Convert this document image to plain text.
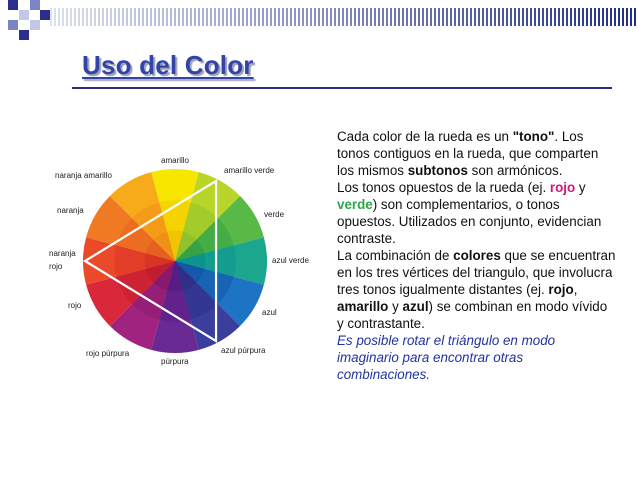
Uso del Color
amarillo
amarillo verde
verde
azul verde
azul
azul púrpura
púrpura
rojo púrpura
rojo
naranja
rojo
naranja
naranja amarillo

Cada color de la rueda es un "tono". Los tonos contiguos en la rueda, que comparten los mismos subtonos son armónicos.

Los tonos opuestos de la rueda (ej. rojo y verde) son complementarios, o tonos opuestos. Utilizados en conjunto, evidencian contraste.

La combinación de colores que se encuentran en los tres vértices del triangulo, que involucra tres tonos igualmente distantes (ej. rojo, amarillo y azul) se combinan en modo vívido y contrastante.

Es posible rotar el triángulo en modo imaginario para encontrar otras combinaciones.
